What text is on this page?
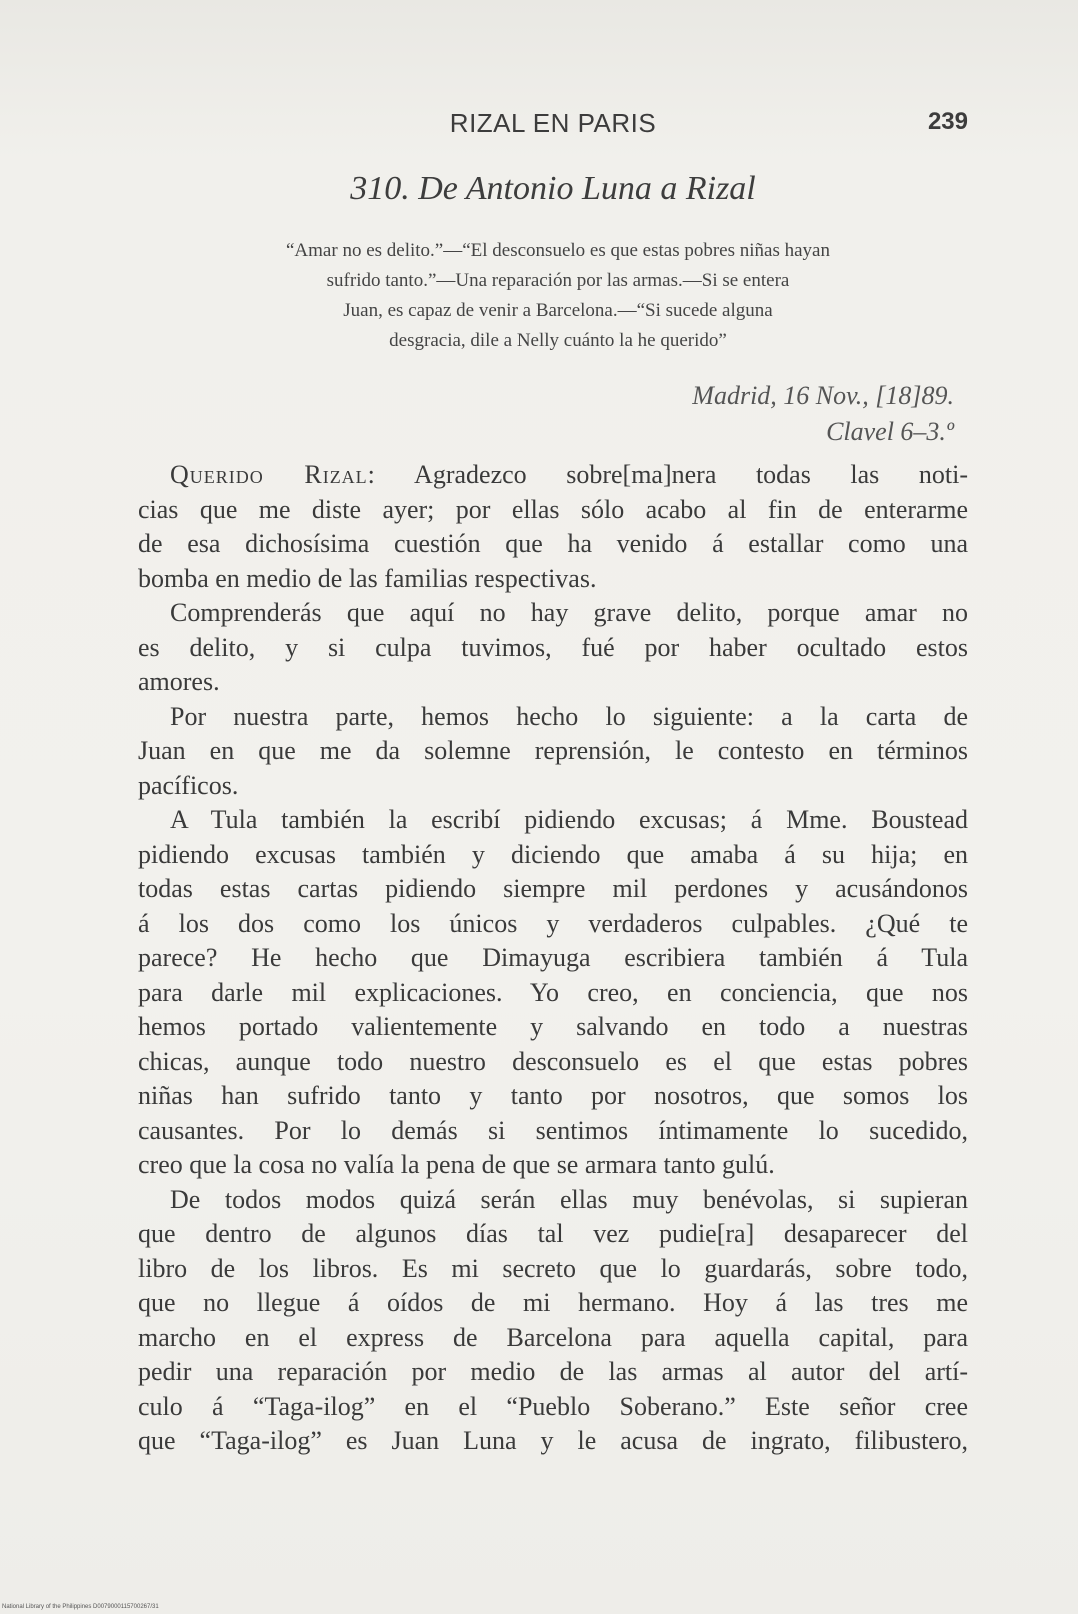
RIZAL EN PARIS	239
310. De Antonio Luna a Rizal
“Amar no es delito.”—“El desconsuelo es que estas pobres niñas hayan
sufrido tanto.”—Una reparación por las armas.—Si se entera
Juan, es capaz de venir a Barcelona.—“Si sucede alguna
desgracia, dile a Nelly cuánto la he querido”
Madrid, 16 Nov., [18]89.
Clavel 6–3.º
Querido Rizal: Agradezco sobre[ma]nera todas las noti-
cias que me diste ayer; por ellas sólo acabo al fin de enterarme
de esa dichosísima cuestión que ha venido á estallar como una
bomba en medio de las familias respectivas.
Comprenderás que aquí no hay grave delito, porque amar no
es delito, y si culpa tuvimos, fué por haber ocultado estos
amores.
Por nuestra parte, hemos hecho lo siguiente: a la carta de
Juan en que me da solemne reprensión, le contesto en términos
pacíficos.
A Tula también la escribí pidiendo excusas; á Mme. Boustead
pidiendo excusas también y diciendo que amaba á su hija; en
todas estas cartas pidiendo siempre mil perdones y acusándonos
á los dos como los únicos y verdaderos culpables. ¿Qué te
parece? He hecho que Dimayuga escribiera también á Tula
para darle mil explicaciones. Yo creo, en conciencia, que nos
hemos portado valientemente y salvando en todo a nuestras
chicas, aunque todo nuestro desconsuelo es el que estas pobres
niñas han sufrido tanto y tanto por nosotros, que somos los
causantes. Por lo demás si sentimos íntimamente lo sucedido,
creo que la cosa no valía la pena de que se armara tanto gulú.
De todos modos quizá serán ellas muy benévolas, si supieran
que dentro de algunos días tal vez pudie[ra] desaparecer del
libro de los libros. Es mi secreto que lo guardarás, sobre todo,
que no llegue á oídos de mi hermano. Hoy á las tres me
marcho en el express de Barcelona para aquella capital, para
pedir una reparación por medio de las armas al autor del artí-
culo á “Taga-ilog” en el “Pueblo Soberano.” Este señor cree
que “Taga-ilog” es Juan Luna y le acusa de ingrato, filibustero,
National Library of the Philippines D0079000115700267/31
